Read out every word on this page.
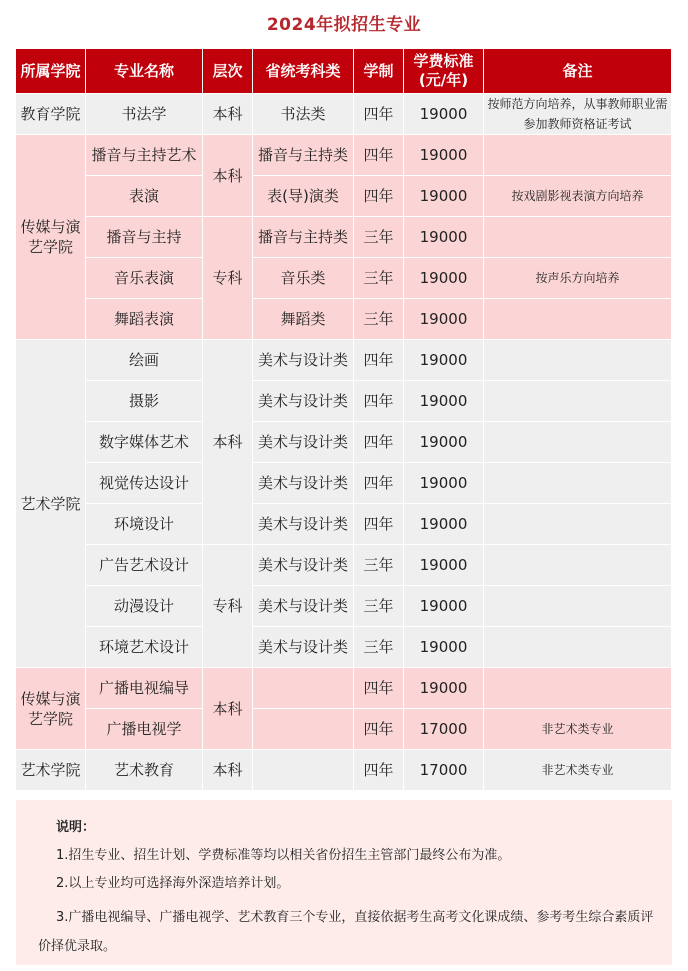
2024年拟招生专业
所属学院	专业名称	层次	省统考科类	学制	学费标准(元/年)	备注
教育学院	书法学	本科	书法类	四年	19000	按师范方向培养，从事教师职业需参加教师资格证考试
传媒与演艺学院	播音与主持艺术	本科	播音与主持类	四年	19000	
	表演		表(导)演类	四年	19000	按戏剧影视表演方向培养
	播音与主持	专科	播音与主持类	三年	19000	
	音乐表演		音乐类	三年	19000	按声乐方向培养
	舞蹈表演		舞蹈类	三年	19000	
艺术学院	绘画	本科	美术与设计类	四年	19000	
	摄影		美术与设计类	四年	19000	
	数字媒体艺术		美术与设计类	四年	19000	
	视觉传达设计		美术与设计类	四年	19000	
	环境设计		美术与设计类	四年	19000	
	广告艺术设计	专科	美术与设计类	三年	19000	
	动漫设计		美术与设计类	三年	19000	
	环境艺术设计		美术与设计类	三年	19000	
传媒与演艺学院	广播电视编导	本科		四年	19000	
	广播电视学			四年	17000	非艺术类专业
艺术学院	艺术教育	本科		四年	17000	非艺术类专业
说明：
1.招生专业、招生计划、学费标准等均以相关省份招生主管部门最终公布为准。
2.以上专业均可选择海外深造培养计划。
3.广播电视编导、广播电视学、艺术教育三个专业，直接依据考生高考文化课成绩、参考考生综合素质评价择优录取。
